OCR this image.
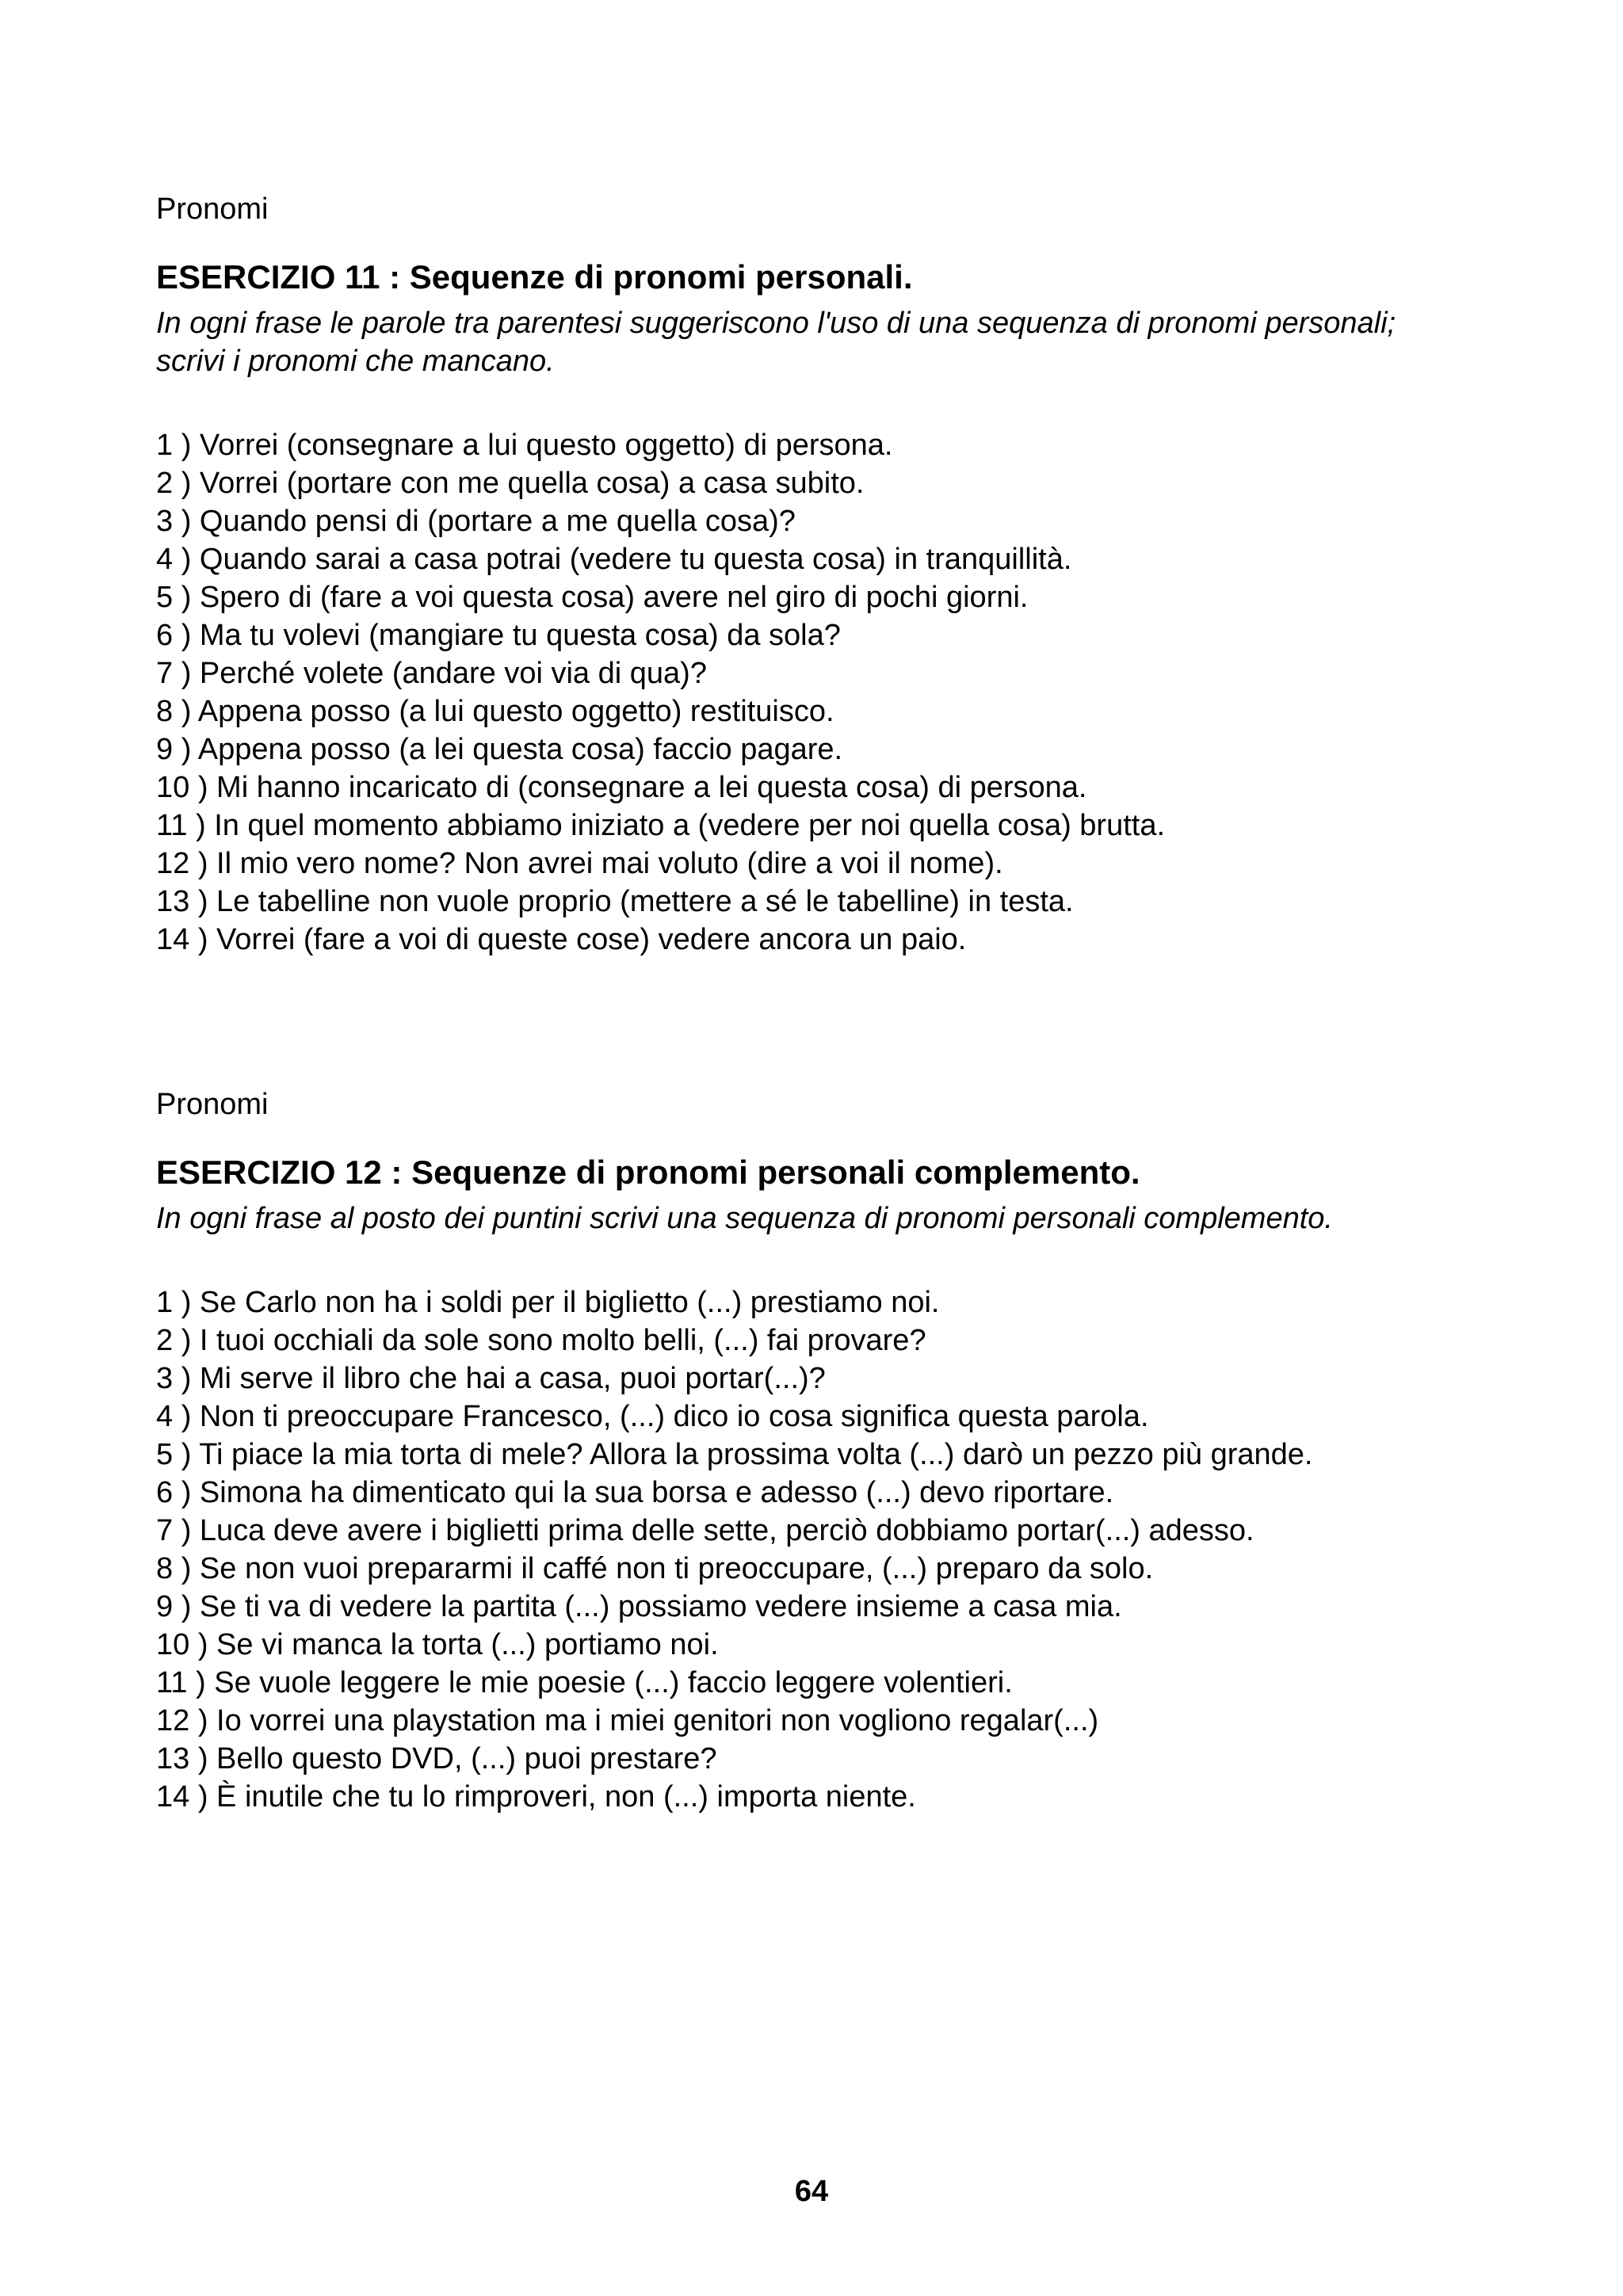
Pronomi

ESERCIZIO 11 : Sequenze di pronomi personali.

In ogni frase le parole tra parentesi suggeriscono l'uso di una sequenza di pronomi personali; scrivi i pronomi che mancano.

1 ) Vorrei (consegnare a lui questo oggetto) di persona.
2 ) Vorrei (portare con me quella cosa) a casa subito.
3 ) Quando pensi di (portare a me quella cosa)?
4 ) Quando sarai a casa potrai (vedere tu questa cosa) in tranquillità.
5 ) Spero di (fare a voi questa cosa) avere nel giro di pochi giorni.
6 ) Ma tu volevi (mangiare tu questa cosa) da sola?
7 ) Perché volete (andare voi via di qua)?
8 ) Appena posso (a lui questo oggetto) restituisco.
9 ) Appena posso (a lei questa cosa) faccio pagare.
10 ) Mi hanno incaricato di (consegnare a lei questa cosa) di persona.
11 ) In quel momento abbiamo iniziato a (vedere per noi quella cosa) brutta.
12 ) Il mio vero nome? Non avrei mai voluto (dire a voi il nome).
13 ) Le tabelline non vuole proprio (mettere a sé le tabelline) in testa.
14 ) Vorrei (fare a voi di queste cose) vedere ancora un paio.

Pronomi

ESERCIZIO 12 : Sequenze di pronomi personali complemento.

In ogni frase al posto dei puntini scrivi una sequenza di pronomi personali complemento.

1 ) Se Carlo non ha i soldi per il biglietto (...) prestiamo noi.
2 ) I tuoi occhiali da sole sono molto belli, (...) fai provare?
3 ) Mi serve il libro che hai a casa, puoi portar(...)?
4 ) Non ti preoccupare Francesco, (...) dico io cosa significa questa parola.
5 ) Ti piace la mia torta di mele? Allora la prossima volta (...) darò un pezzo più grande.
6 ) Simona ha dimenticato qui la sua borsa e adesso (...) devo riportare.
7 ) Luca deve avere i biglietti prima delle sette, perciò dobbiamo portar(...) adesso.
8 ) Se non vuoi prepararmi il caffé non ti preoccupare, (...) preparo da solo.
9 ) Se ti va di vedere la partita (...) possiamo vedere insieme a casa mia.
10 ) Se vi manca la torta (...) portiamo noi.
11 ) Se vuole leggere le mie poesie (...) faccio leggere volentieri.
12 ) Io vorrei una playstation ma i miei genitori non vogliono regalar(...)
13 ) Bello questo DVD, (...) puoi prestare?
14 ) È inutile che tu lo rimproveri, non (...) importa niente.
64
